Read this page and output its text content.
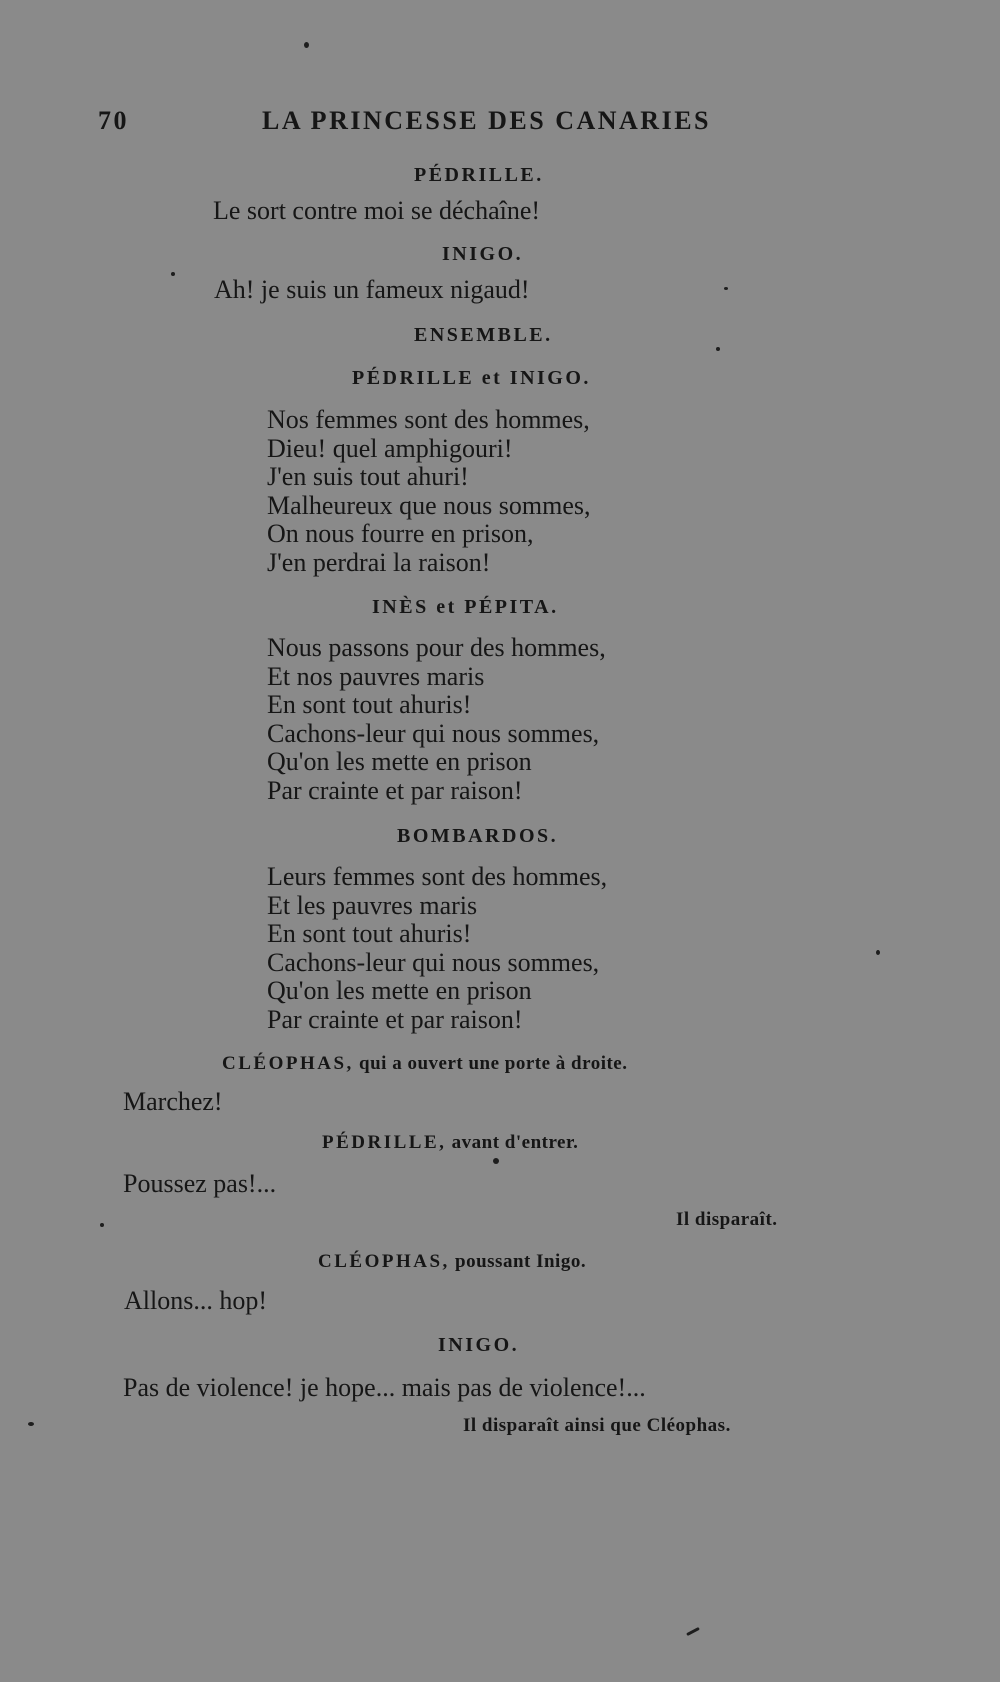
70	LA PRINCESSE DES CANARIES
PÉDRILLE.
Le sort contre moi se déchaîne!
INIGO.
Ah! je suis un fameux nigaud!
ENSEMBLE.
PÉDRILLE et INIGO.
Nos femmes sont des hommes,
Dieu! quel amphigouri!
J'en suis tout ahuri!
Malheureux que nous sommes,
On nous fourre en prison,
J'en perdrai la raison!
INÈS et PÉPITA.
Nous passons pour des hommes,
Et nos pauvres maris
En sont tout ahuris!
Cachons-leur qui nous sommes,
Qu'on les mette en prison
Par crainte et par raison!
BOMBARDOS.
Leurs femmes sont des hommes,
Et les pauvres maris
En sont tout ahuris!
Cachons-leur qui nous sommes,
Qu'on les mette en prison
Par crainte et par raison!
CLÉOPHAS, qui a ouvert une porte à droite.
Marchez!
PÉDRILLE, avant d'entrer.
Poussez pas!...
Il disparaît.
CLÉOPHAS, poussant Inigo.
Allons... hop!
INIGO.
Pas de violence! je hope... mais pas de violence!...
Il disparaît ainsi que Cléophas.
